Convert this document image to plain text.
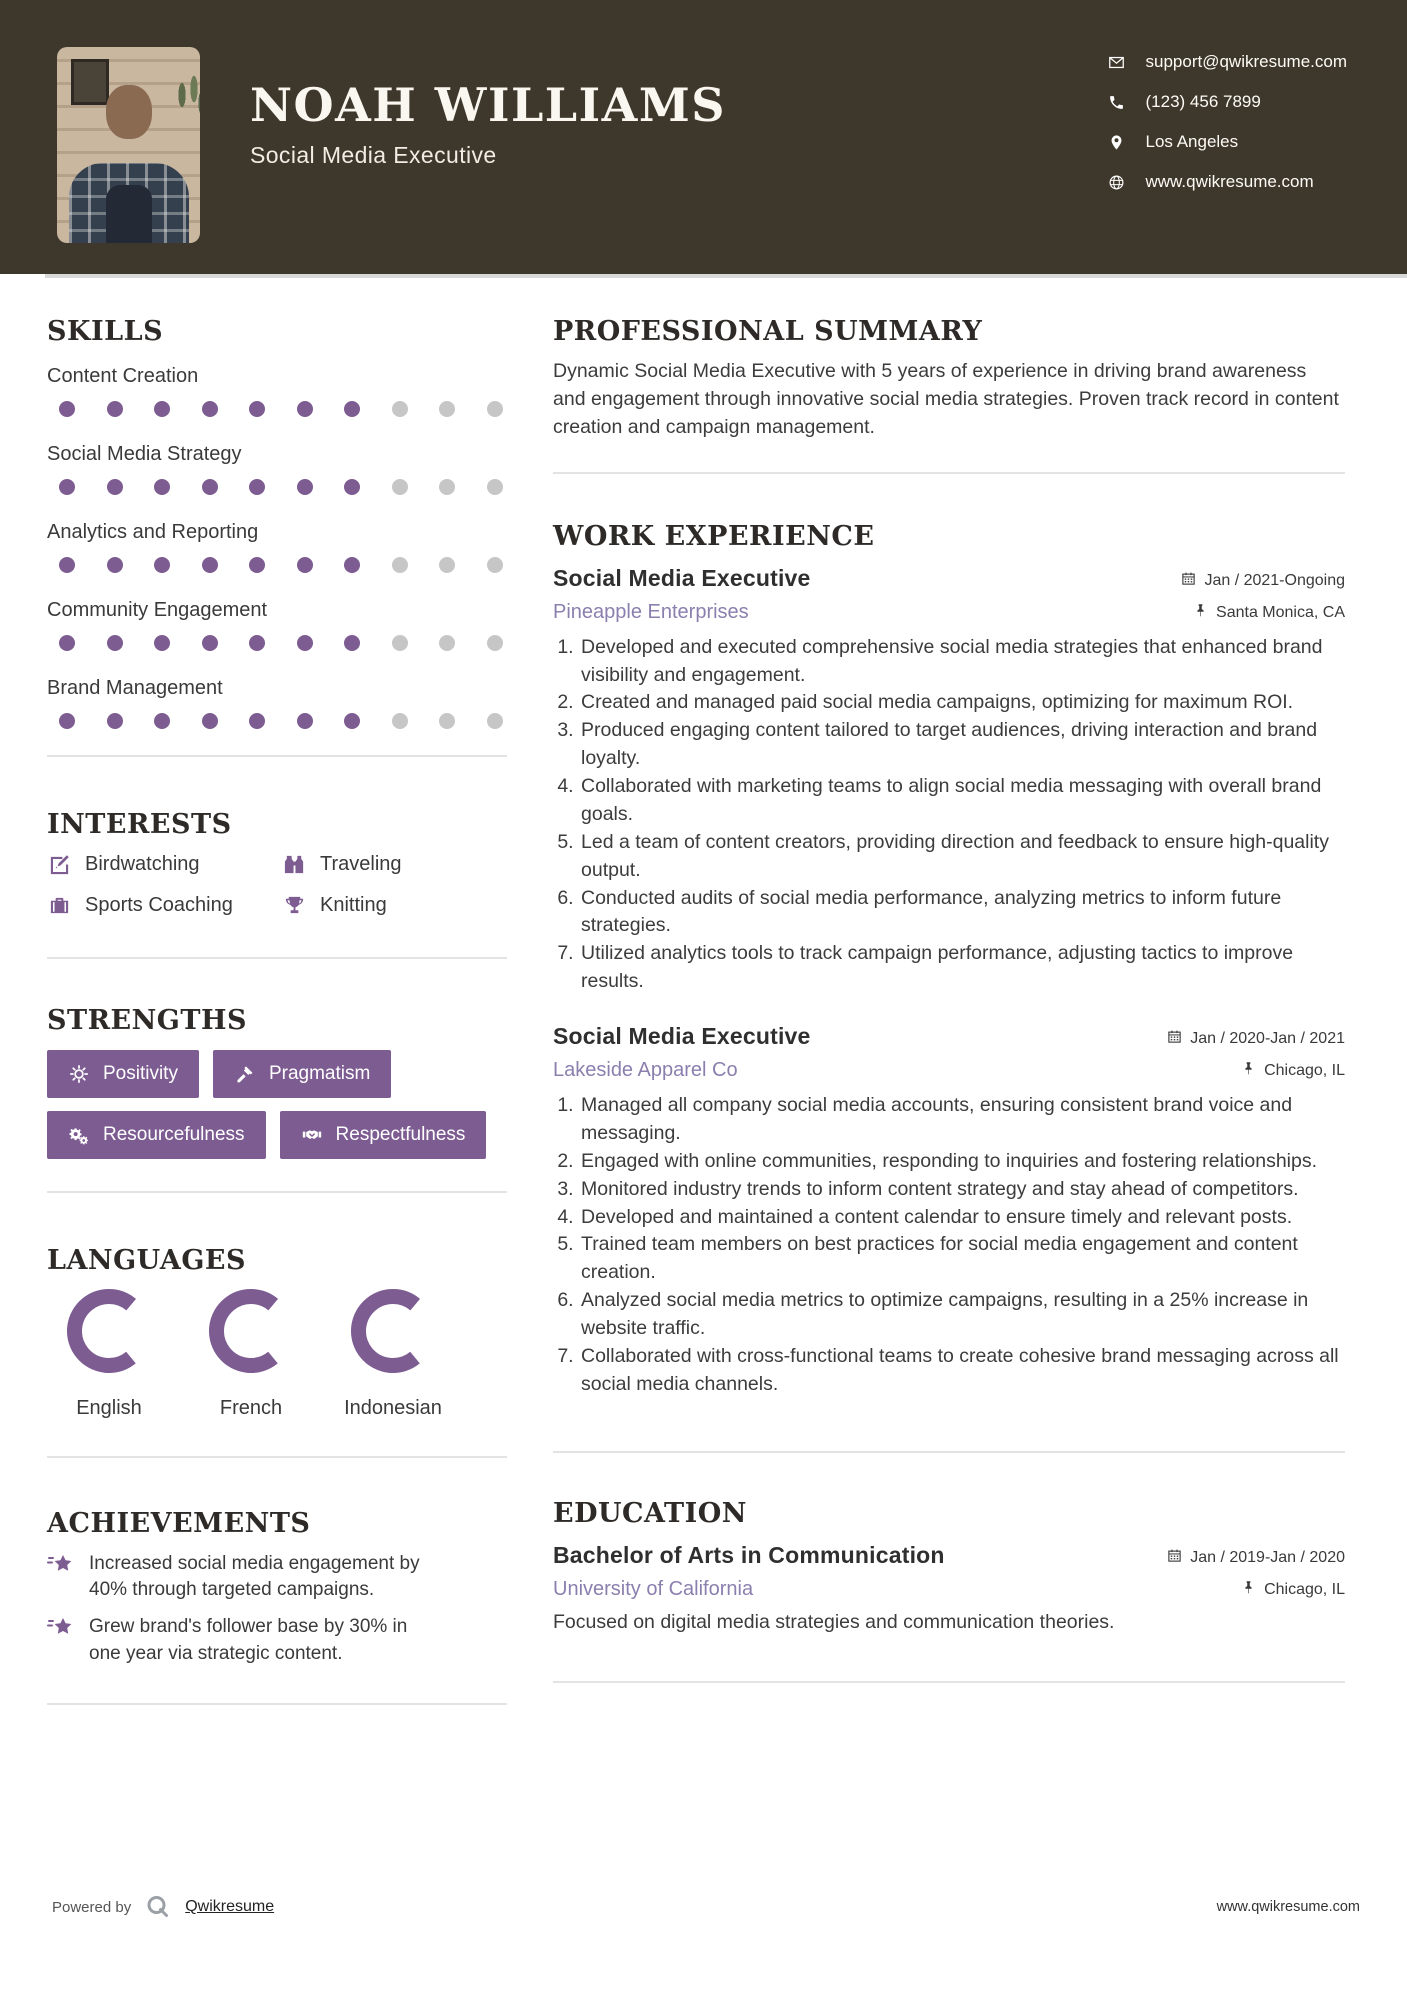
NOAH WILLIAMS
Social Media Executive
support@qwikresume.com
(123) 456 7899
Los Angeles
www.qwikresume.com
SKILLS
Content Creation
Social Media Strategy
Analytics and Reporting
Community Engagement
Brand Management
INTERESTS
Birdwatching	Traveling
Sports Coaching	Knitting
STRENGTHS
Positivity	Pragmatism
Resourcefulness	Respectfulness
LANGUAGES
English	French	Indonesian
ACHIEVEMENTS
Increased social media engagement by 40% through targeted campaigns.
Grew brand's follower base by 30% in one year via strategic content.
PROFESSIONAL SUMMARY

Dynamic Social Media Executive with 5 years of experience in driving brand awareness and engagement through innovative social media strategies. Proven track record in content creation and campaign management.

WORK EXPERIENCE
Social Media Executive	Jan / 2021-Ongoing
Pineapple Enterprises	Santa Monica, CA
1. Developed and executed comprehensive social media strategies that enhanced brand visibility and engagement.
2. Created and managed paid social media campaigns, optimizing for maximum ROI.
3. Produced engaging content tailored to target audiences, driving interaction and brand loyalty.
4. Collaborated with marketing teams to align social media messaging with overall brand goals.
5. Led a team of content creators, providing direction and feedback to ensure high-quality output.
6. Conducted audits of social media performance, analyzing metrics to inform future strategies.
7. Utilized analytics tools to track campaign performance, adjusting tactics to improve results.
Social Media Executive	Jan / 2020-Jan / 2021
Lakeside Apparel Co	Chicago, IL
1. Managed all company social media accounts, ensuring consistent brand voice and messaging.
2. Engaged with online communities, responding to inquiries and fostering relationships.
3. Monitored industry trends to inform content strategy and stay ahead of competitors.
4. Developed and maintained a content calendar to ensure timely and relevant posts.
5. Trained team members on best practices for social media engagement and content creation.
6. Analyzed social media metrics to optimize campaigns, resulting in a 25% increase in website traffic.
7. Collaborated with cross-functional teams to create cohesive brand messaging across all social media channels.
EDUCATION
Bachelor of Arts in Communication	Jan / 2019-Jan / 2020
University of California	Chicago, IL

Focused on digital media strategies and communication theories.

Powered by	Qwikresume	www.qwikresume.com
